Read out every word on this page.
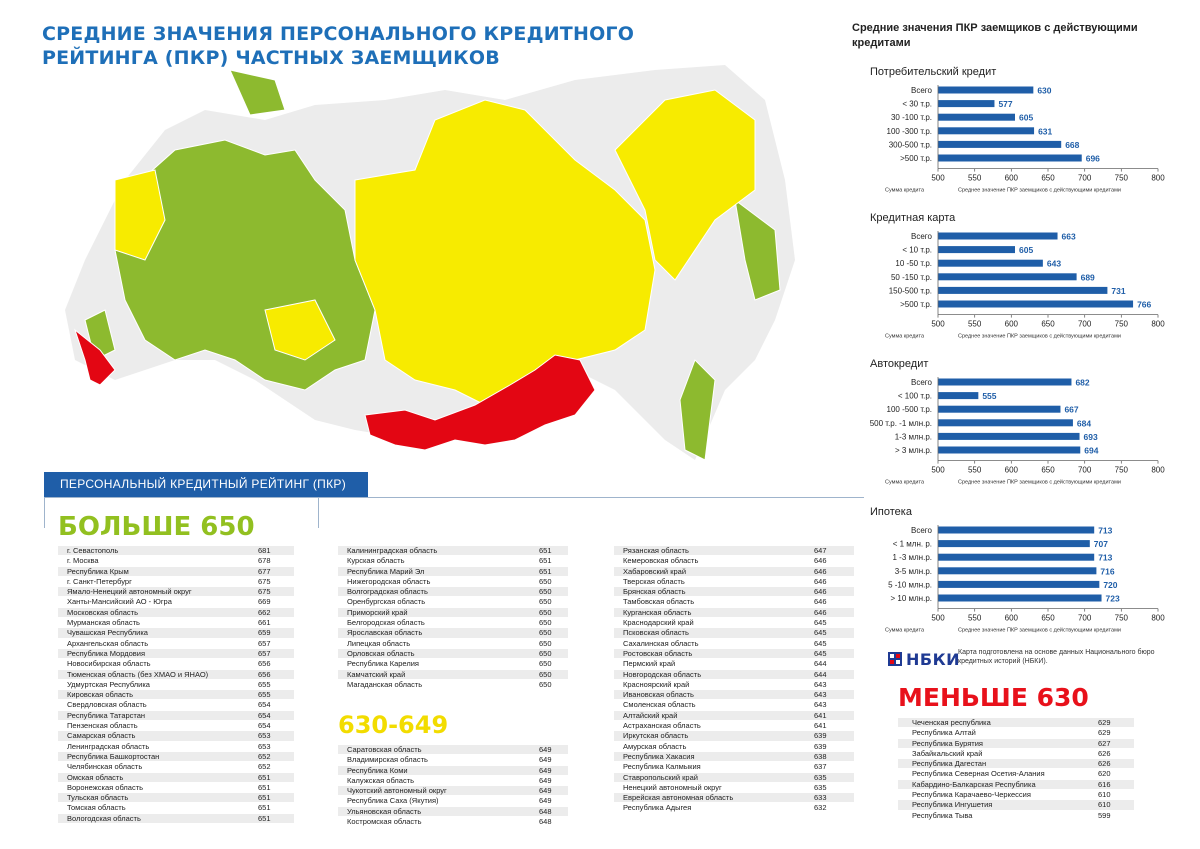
СРЕДНИЕ ЗНАЧЕНИЯ ПЕРСОНАЛЬНОГО КРЕДИТНОГО РЕЙТИНГА (ПКР) ЧАСТНЫХ ЗАЕМЩИКОВ
ПЕРСОНАЛЬНЫЙ КРЕДИТНЫЙ РЕЙТИНГ (ПКР)
БОЛЬШЕ 650
630-649
МЕНЬШЕ 630
г. Севастополь	681
г. Москва	678
Республика Крым	677
г. Санкт-Петербург	675
Ямало-Ненецкий автономный округ	675
Ханты-Мансийский АО - Югра	669
Московская область	662
Мурманская область	661
Чувашская Республика	659
Архангельская область	657
Республика Мордовия	657
Новосибирская область	656
Тюменская область (без ХМАО и ЯНАО)	656
Удмуртская Республика	655
Кировская область	655
Свердловская область	654
Республика Татарстан	654
Пензенская область	654
Самарская область	653
Ленинградская область	653
Республика Башкортостан	652
Челябинская область	652
Омская область	651
Воронежская область	651
Тульская область	651
Томская область	651
Вологодская область	651
Калининградская область	651
Курская область	651
Республика Марий Эл	651
Нижегородская область	650
Волгоградская область	650
Оренбургская область	650
Приморский край	650
Белгородская область	650
Ярославская область	650
Липецкая область	650
Орловская область	650
Республика Карелия	650
Камчатский край	650
Магаданская область	650
Саратовская область	649
Владимирская область	649
Республика Коми	649
Калужская область	649
Чукотский автономный округ	649
Республика Саха (Якутия)	649
Ульяновская область	648
Костромская область	648
Рязанская область	647
Кемеровская область	646
Хабаровский край	646
Тверская область	646
Брянская область	646
Тамбовская область	646
Курганская область	646
Краснодарский край	645
Псковская область	645
Сахалинская область	645
Ростовская область	645
Пермский край	644
Новгородская область	644
Красноярский край	643
Ивановская область	643
Смоленская область	643
Алтайский край	641
Астраханская область	641
Иркутская область	639
Амурская область	639
Республика Хакасия	638
Республика Калмыкия	637
Ставропольский край	635
Ненецкий автономный округ	635
Еврейская автономная область	633
Республика Адыгея	632
Чеченская республика	629
Республика Алтай	629
Республика Бурятия	627
Забайкальский край	626
Республика Дагестан	626
Республика Северная Осетия-Алания	620
Кабардино-Балкарская Республика	616
Республика Карачаево-Черкессия	610
Республика Ингушетия	610
Республика Тыва	599
Средние значения ПКР заемщиков с действующими кредитами
Потребительский кредит
Всего	630
< 30 т.р.	577
30 -100 т.р.	605
100 -300 т.р.	631
300-500 т.р.	668
>500 т.р.	696
500	550	600	650	700	750	800
Сумма кредита	Среднее значение ПКР заемщиков с действующими кредитами
Кредитная карта
Всего	663
< 10 т.р.	605
10 -50 т.р.	643
50 -150 т.р.	689
150-500 т.р.	731
>500 т.р.	766
500	550	600	650	700	750	800
Сумма кредита	Среднее значение ПКР заемщиков с действующими кредитами
Автокредит
Всего	682
< 100 т.р.	555
100 -500 т.р.	667
500 т.р. -1 млн.р.	684
1-3 млн.р.	693
> 3 млн.р.	694
500	550	600	650	700	750	800
Сумма кредита	Среднее значение ПКР заемщиков с действующими кредитами
Ипотека
Всего	713
< 1 млн. р.	707
1 -3 млн.р.	713
3-5 млн.р.	716
5 -10 млн.р.	720
> 10 млн.р.	723
500	550	600	650	700	750	800
Сумма кредита	Среднее значение ПКР заемщиков с действующими кредитами
НБКИ
Карта подготовлена на основе данных Национального бюро кредитных историй (НБКИ).
